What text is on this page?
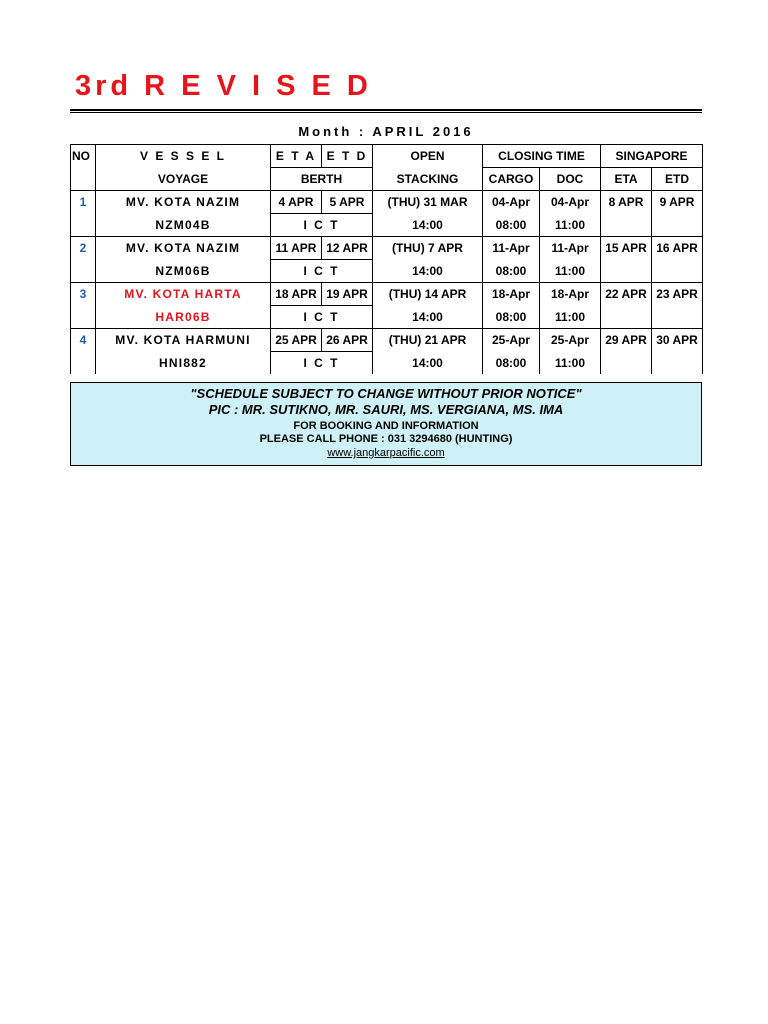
3rd R E V I S E D
Month : APRIL 2016
NO	V E S S E L	E T A	E T D	OPEN	CLOSING TIME		SINGAPORE	
	VOYAGE	BERTH		STACKING	CARGO	DOC	ETA	ETD
1	MV. KOTA NAZIM	4 APR	5 APR	(THU) 31 MAR	04-Apr	04-Apr	8 APR	9 APR
	NZM04B	I C T		14:00	08:00	11:00		
2	MV. KOTA NAZIM	11 APR	12 APR	(THU) 7 APR	11-Apr	11-Apr	15 APR	16 APR
	NZM06B	I C T		14:00	08:00	11:00		
3	MV. KOTA HARTA	18 APR	19 APR	(THU) 14 APR	18-Apr	18-Apr	22 APR	23 APR
	HAR06B	I C T		14:00	08:00	11:00		
4	MV. KOTA HARMUNI	25 APR	26 APR	(THU) 21 APR	25-Apr	25-Apr	29 APR	30 APR
	HNI882	I C T		14:00	08:00	11:00		
"SCHEDULE SUBJECT TO CHANGE WITHOUT PRIOR NOTICE"
PIC : MR. SUTIKNO, MR. SAURI, MS. VERGIANA, MS. IMA
FOR BOOKING AND INFORMATION
PLEASE CALL PHONE : 031 3294680 (HUNTING)
www.jangkarpacific.com
